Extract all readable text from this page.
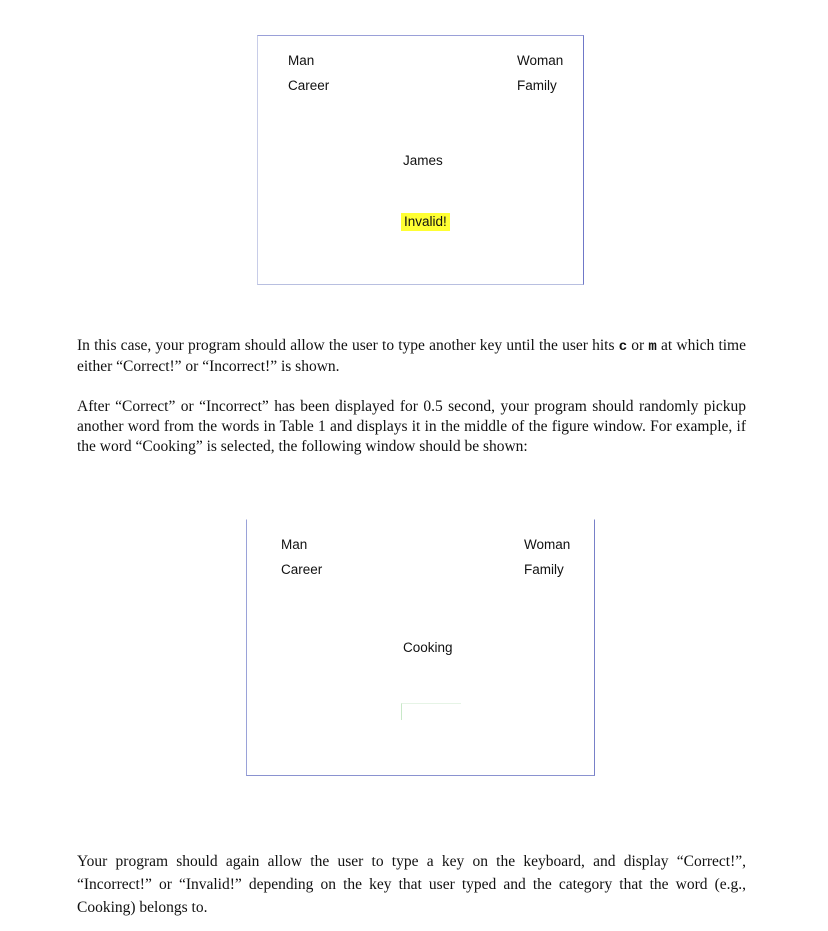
Man
Career
Woman
Family
James
Invalid!

In this case, your program should allow the user to type another key until the user hits c or m at which time either “Correct!” or “Incorrect!” is shown.

After “Correct” or “Incorrect” has been displayed for 0.5 second, your program should randomly pickup another word from the words in Table 1 and displays it in the middle of the figure window. For example, if the word “Cooking” is selected, the following window should be shown:

Man
Career
Woman
Family
Cooking

Your program should again allow the user to type a key on the keyboard, and display “Correct!”, “Incorrect!” or “Invalid!” depending on the key that user typed and the category that the word (e.g., Cooking) belongs to.
